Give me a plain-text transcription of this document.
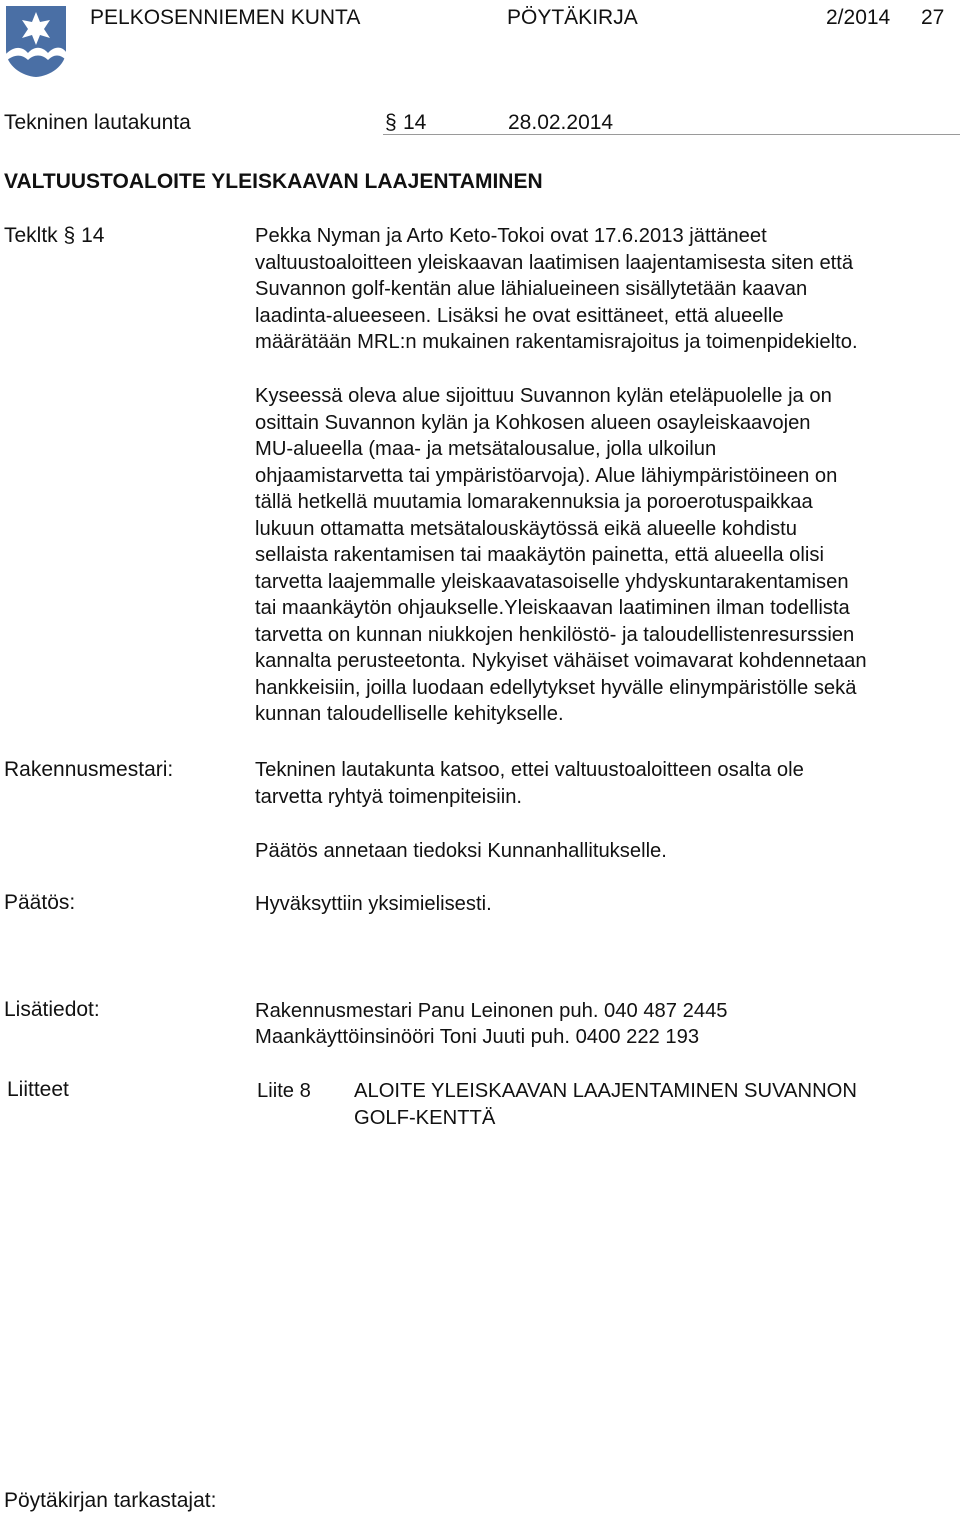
PELKOSENNIEMEN KUNTA	PÖYTÄKIRJA	2/2014 27
Tekninen lautakunta	§ 14	28.02.2014
VALTUUSTOALOITE YLEISKAAVAN LAAJENTAMINEN
Tekltk § 14	Pekka Nyman ja Arto Keto-Tokoi ovat 17.6.2013 jättäneet
valtuustoaloitteen yleiskaavan laatimisen laajentamisesta siten että
Suvannon golf-kentän alue lähialueineen sisällytetään kaavan
laadinta-alueeseen. Lisäksi he ovat esittäneet, että alueelle
määrätään MRL:n mukainen rakentamisrajoitus ja toimenpidekielto.
Kyseessä oleva alue sijoittuu Suvannon kylän eteläpuolelle ja on
osittain Suvannon kylän ja Kohkosen alueen osayleiskaavojen
MU-alueella (maa- ja metsätalousalue, jolla ulkoilun
ohjaamistarvetta tai ympäristöarvoja). Alue lähiympäristöineen on
tällä hetkellä muutamia lomarakennuksia ja poroerotuspaikkaa
lukuun ottamatta metsätalouskäytössä eikä alueelle kohdistu
sellaista rakentamisen tai maakäytön painetta, että alueella olisi
tarvetta laajemmalle yleiskaavatasoiselle yhdyskuntarakentamisen
tai maankäytön ohjaukselle.Yleiskaavan laatiminen ilman todellista
tarvetta on kunnan niukkojen henkilöstö- ja taloudellistenresurssien
kannalta perusteetonta. Nykyiset vähäiset voimavarat kohdennetaan
hankkeisiin, joilla luodaan edellytykset hyvälle elinympäristölle sekä
kunnan taloudelliselle kehitykselle.
Rakennusmestari:	Tekninen lautakunta katsoo, ettei valtuustoaloitteen osalta ole
tarvetta ryhtyä toimenpiteisiin.
Päätös annetaan tiedoksi Kunnanhallitukselle.
Päätös:	Hyväksyttiin yksimielisesti.
Lisätiedot:	Rakennusmestari Panu Leinonen puh. 040 487 2445
Maankäyttöinsinööri Toni Juuti puh. 0400 222 193
Liitteet	Liite 8 ALOITE YLEISKAAVAN LAAJENTAMINEN SUVANNON
GOLF-KENTTÄ
Pöytäkirjan tarkastajat:
